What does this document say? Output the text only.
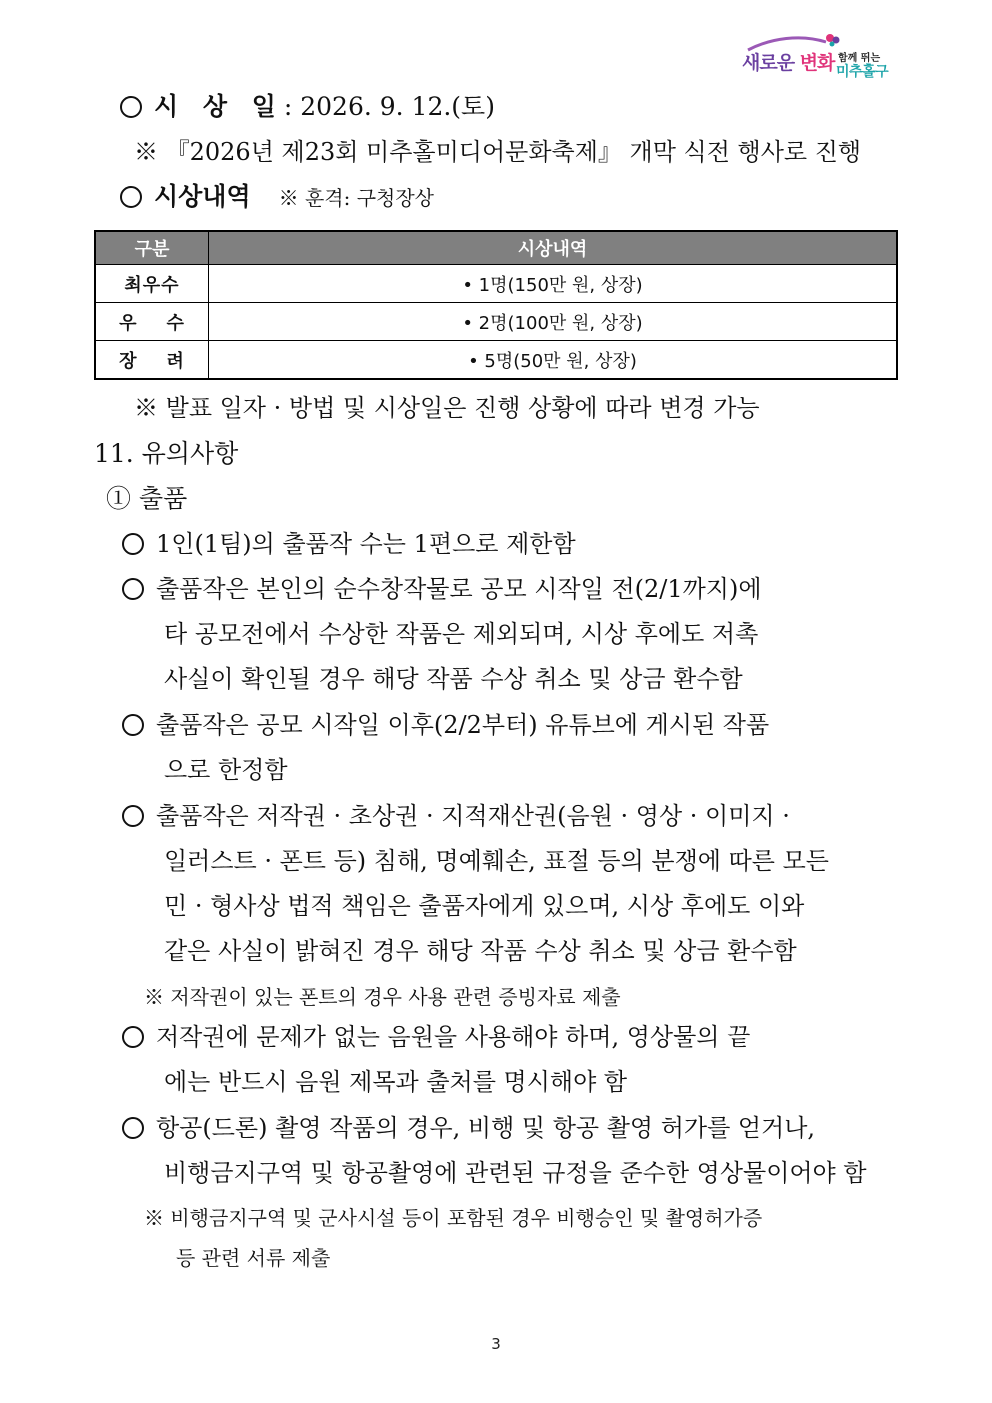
새로운 변화 함께 뛰는
미추홀구
시 상 일: 2026. 9. 12.(토)
※ 『2026년 제23회 미추홀미디어문화축제』 개막 식전 행사로 진행
시상내역 ※ 훈격: 구청장상
구분	시상내역
최우수	• 1명(150만 원, 상장)
우    수	• 2명(100만 원, 상장)
장    려	• 5명(50만 원, 상장)
※ 발표 일자 · 방법 및 시상일은 진행 상황에 따라 변경 가능
11. 유의사항
① 출품
1인(1팀)의 출품작 수는 1편으로 제한함
출품작은 본인의 순수창작물로 공모 시작일 전(2/1까지)에
타 공모전에서 수상한 작품은 제외되며, 시상 후에도 저촉
사실이 확인될 경우 해당 작품 수상 취소 및 상금 환수함
출품작은 공모 시작일 이후(2/2부터) 유튜브에 게시된 작품
으로 한정함
출품작은 저작권 · 초상권 · 지적재산권(음원 · 영상 · 이미지 ·
일러스트 · 폰트 등) 침해, 명예훼손, 표절 등의 분쟁에 따른 모든
민 · 형사상 법적 책임은 출품자에게 있으며, 시상 후에도 이와
같은 사실이 밝혀진 경우 해당 작품 수상 취소 및 상금 환수함
※ 저작권이 있는 폰트의 경우 사용 관련 증빙자료 제출
저작권에 문제가 없는 음원을 사용해야 하며, 영상물의 끝
에는 반드시 음원 제목과 출처를 명시해야 함
항공(드론) 촬영 작품의 경우, 비행 및 항공 촬영 허가를 얻거나,
비행금지구역 및 항공촬영에 관련된 규정을 준수한 영상물이어야 함
※ 비행금지구역 및 군사시설 등이 포함된 경우 비행승인 및 촬영허가증
등 관련 서류 제출
3
